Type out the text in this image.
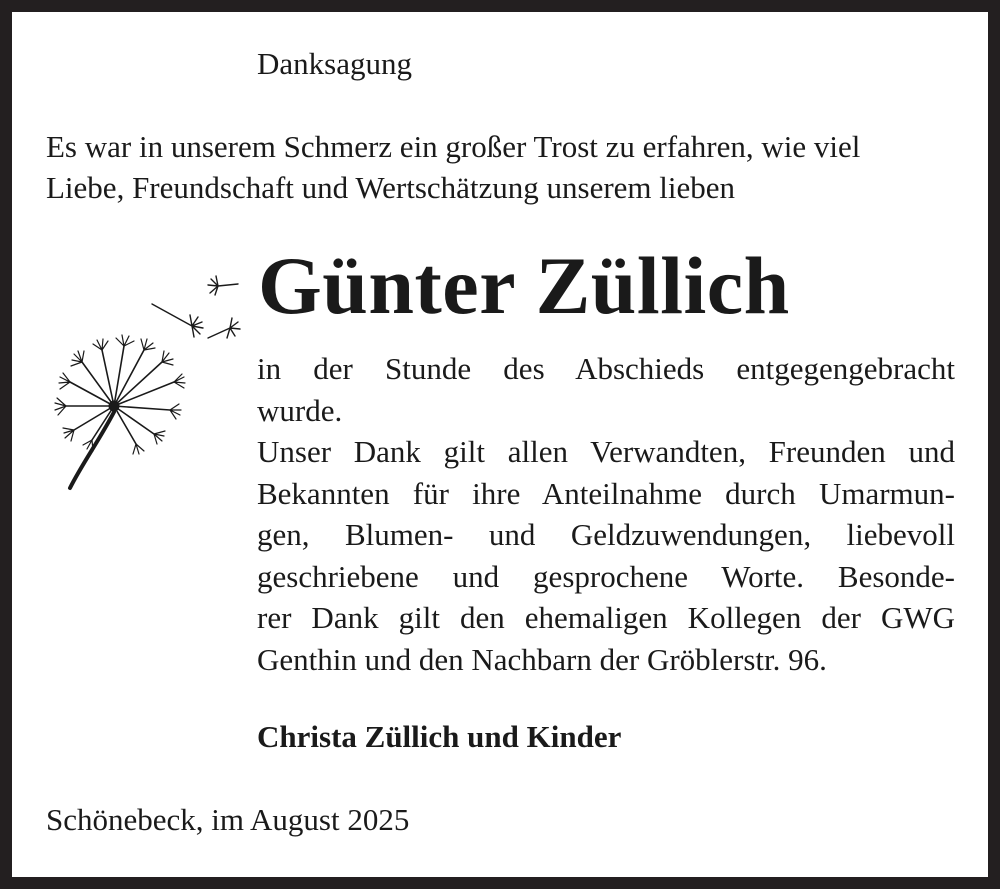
Danksagung

Es war in unserem Schmerz ein großer Trost zu erfahren, wie viel
Liebe, Freundschaft und Wertschätzung unserem lieben

Günter Züllich
in der Stunde des Abschieds entgegengebracht
wurde.
Unser Dank gilt allen Verwandten, Freunden und
Bekannten für ihre Anteilnahme durch Umarmun-
gen, Blumen- und Geldzuwendungen, liebevoll
geschriebene und gesprochene Worte. Besonde-
rer Dank gilt den ehemaligen Kollegen der GWG
Genthin und den Nachbarn der Gröblerstr. 96.

Christa Züllich und Kinder

Schönebeck, im August 2025
